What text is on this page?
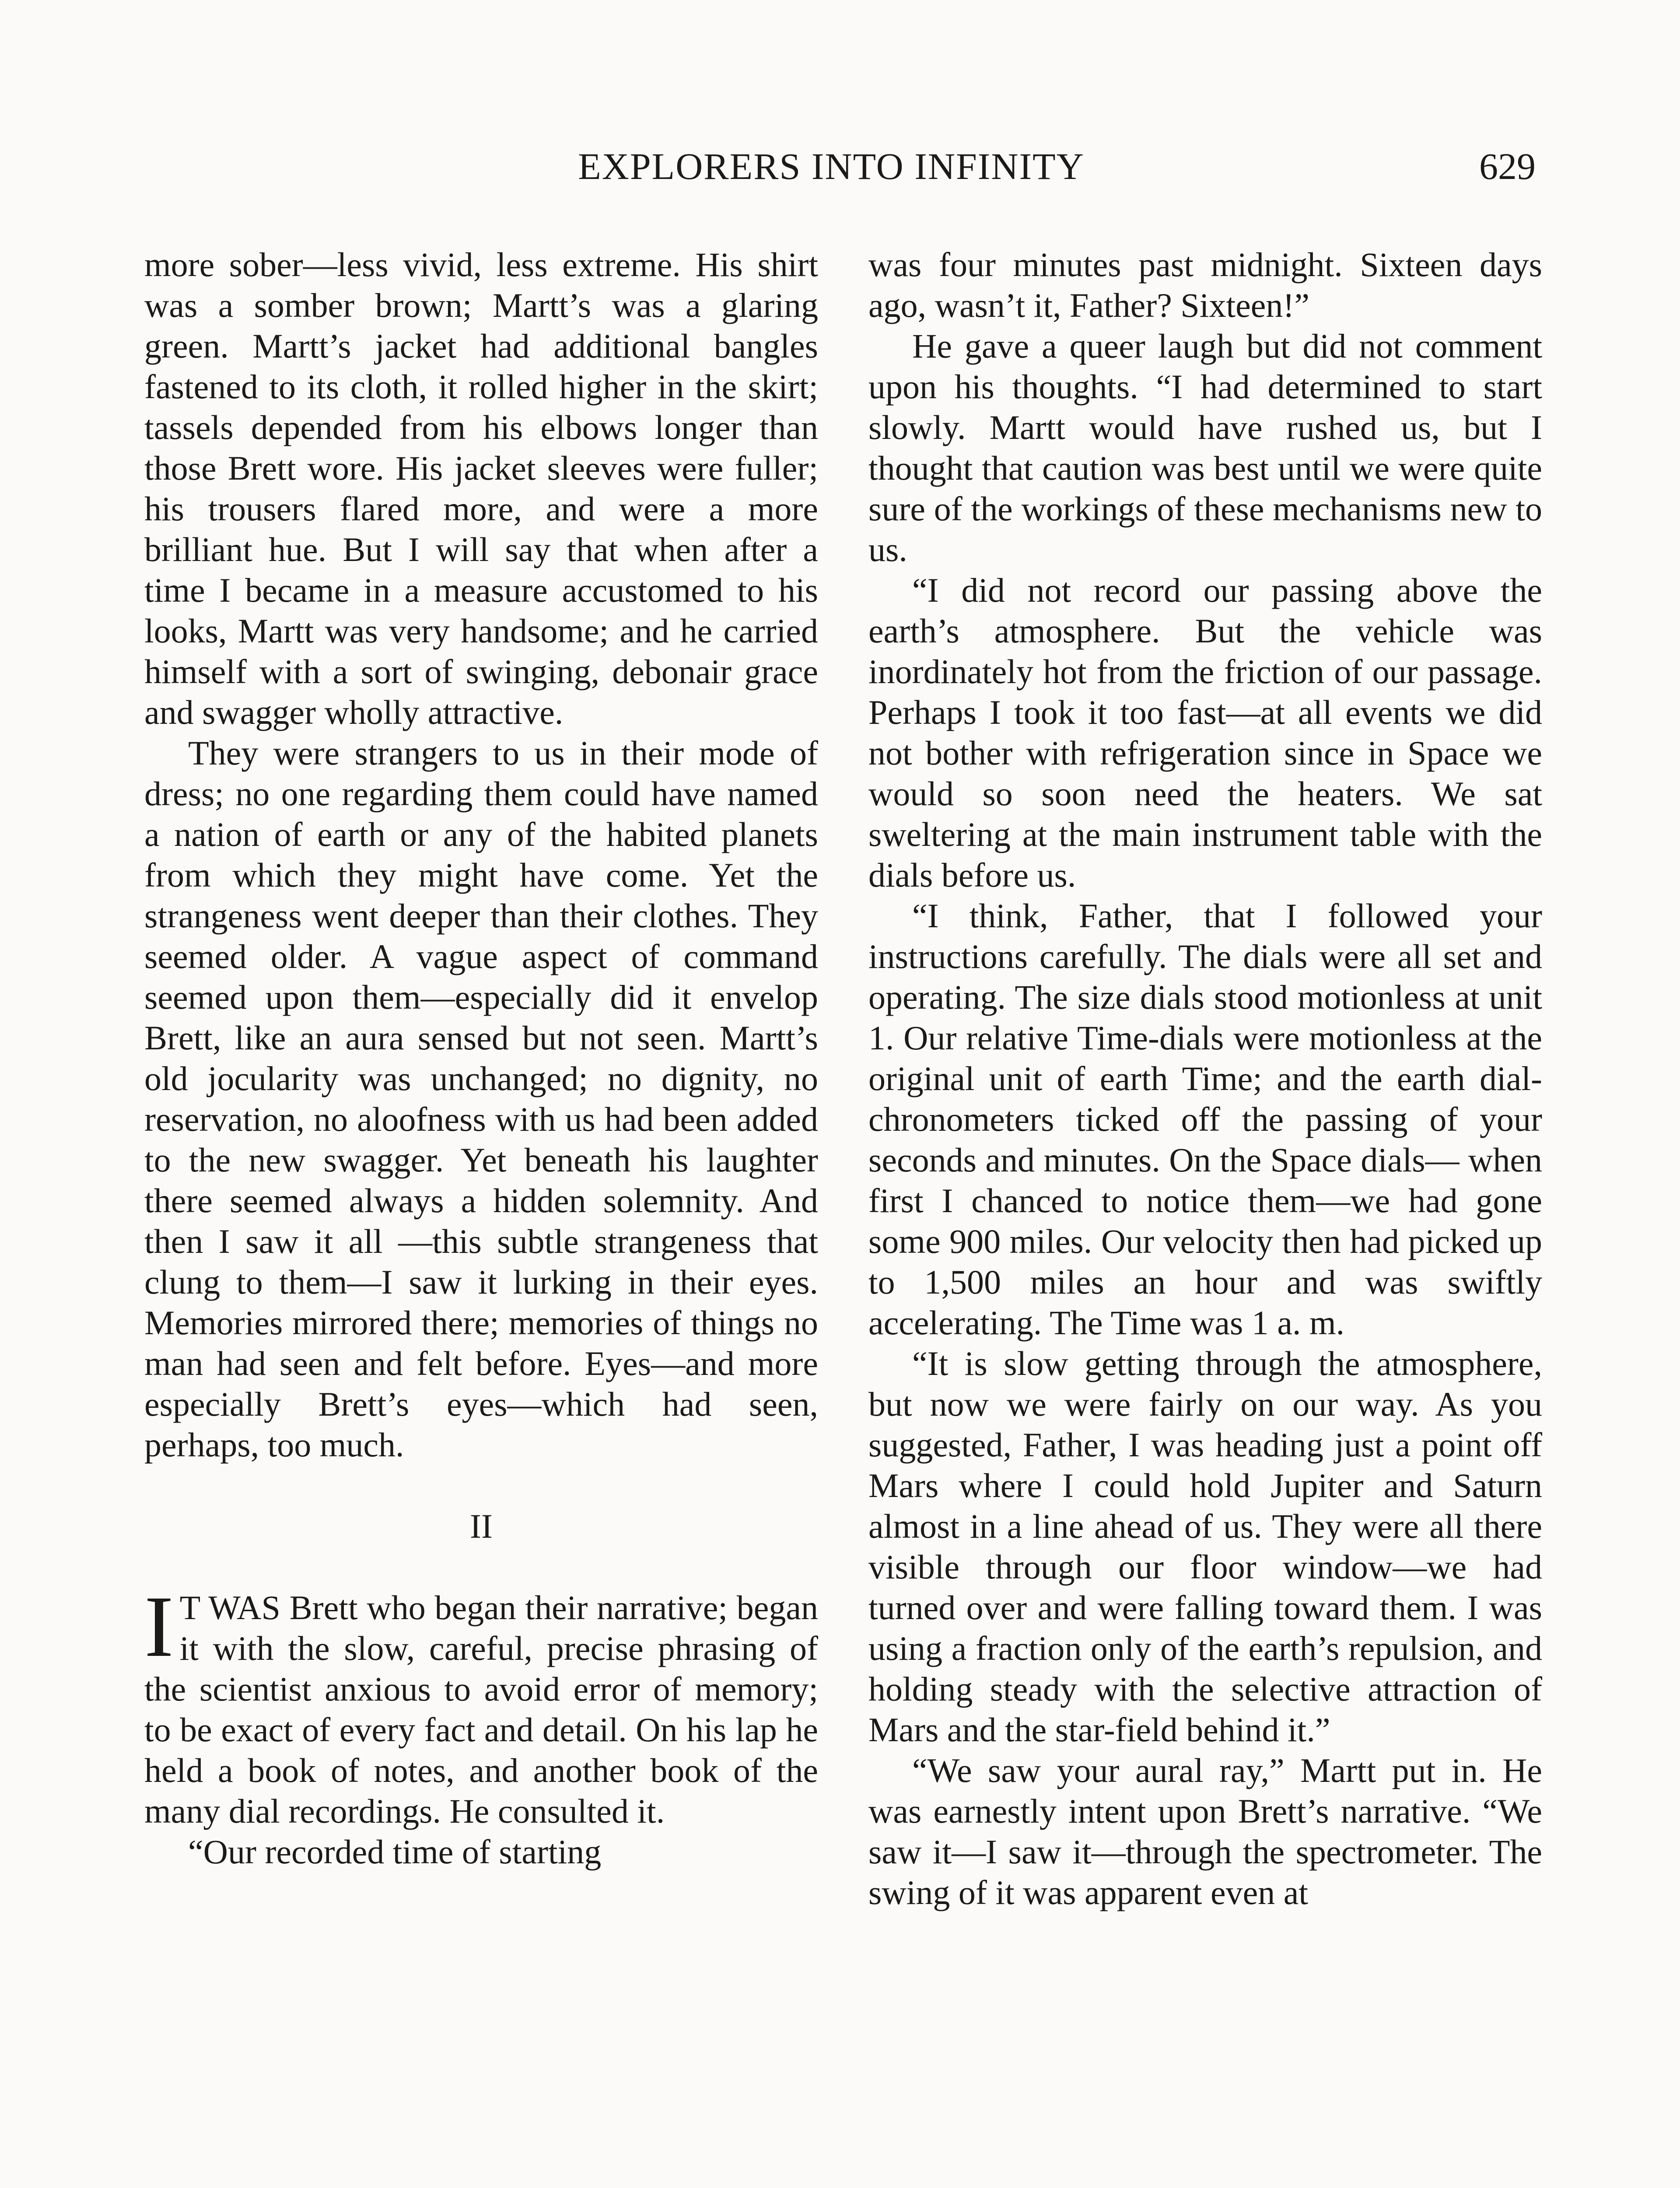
EXPLORERS INTO INFINITY	629

more sober—less vivid, less extreme. His shirt was a somber brown; Martt’s was a glaring green. Martt’s jacket had additional bangles fastened to its cloth, it rolled higher in the skirt; tassels depended from his elbows longer than those Brett wore. His jacket sleeves were fuller; his trousers flared more, and were a more brilliant hue. But I will say that when after a time I became in a measure accustomed to his looks, Martt was very handsome; and he carried himself with a sort of swinging, debonair grace and swagger wholly attractive.

They were strangers to us in their mode of dress; no one regarding them could have named a nation of earth or any of the habited planets from which they might have come. Yet the strangeness went deeper than their clothes. They seemed older. A vague aspect of command seemed upon them—especially did it envelop Brett, like an aura sensed but not seen. Martt’s old jocularity was unchanged; no dignity, no reservation, no aloofness with us had been added to the new swagger. Yet beneath his laughter there seemed always a hidden solemnity. And then I saw it all —this subtle strangeness that clung to them—I saw it lurking in their eyes. Memories mirrored there; memories of things no man had seen and felt before. Eyes—and more especially Brett’s eyes—which had seen, perhaps, too much.

II

I T WAS Brett who began their narrative; began it with the slow, careful, precise phrasing of the scientist anxious to avoid error of memory; to be exact of every fact and detail. On his lap he held a book of notes, and another book of the many dial recordings. He consulted it.

“Our recorded time of starting

was four minutes past midnight. Sixteen days ago, wasn’t it, Father? Sixteen!”

He gave a queer laugh but did not comment upon his thoughts. “I had determined to start slowly. Martt would have rushed us, but I thought that caution was best until we were quite sure of the workings of these mechanisms new to us.

“I did not record our passing above the earth’s atmosphere. But the vehicle was inordinately hot from the friction of our passage. Perhaps I took it too fast—at all events we did not bother with refrigeration since in Space we would so soon need the heaters. We sat sweltering at the main instrument table with the dials before us.

“I think, Father, that I followed your instructions carefully. The dials were all set and operating. The size dials stood motionless at unit 1. Our relative Time-dials were motionless at the original unit of earth Time; and the earth dial-chronometers ticked off the passing of your seconds and minutes. On the Space dials— when first I chanced to notice them—we had gone some 900 miles. Our velocity then had picked up to 1,500 miles an hour and was swiftly accelerating. The Time was 1 a. m.

“It is slow getting through the atmosphere, but now we were fairly on our way. As you suggested, Father, I was heading just a point off Mars where I could hold Jupiter and Saturn almost in a line ahead of us. They were all there visible through our floor window—we had turned over and were falling toward them. I was using a fraction only of the earth’s repulsion, and holding steady with the selective attraction of Mars and the star-field behind it.”

“We saw your aural ray,” Martt put in. He was earnestly intent upon Brett’s narrative. “We saw it—I saw it—through the spectrometer. The swing of it was apparent even at
